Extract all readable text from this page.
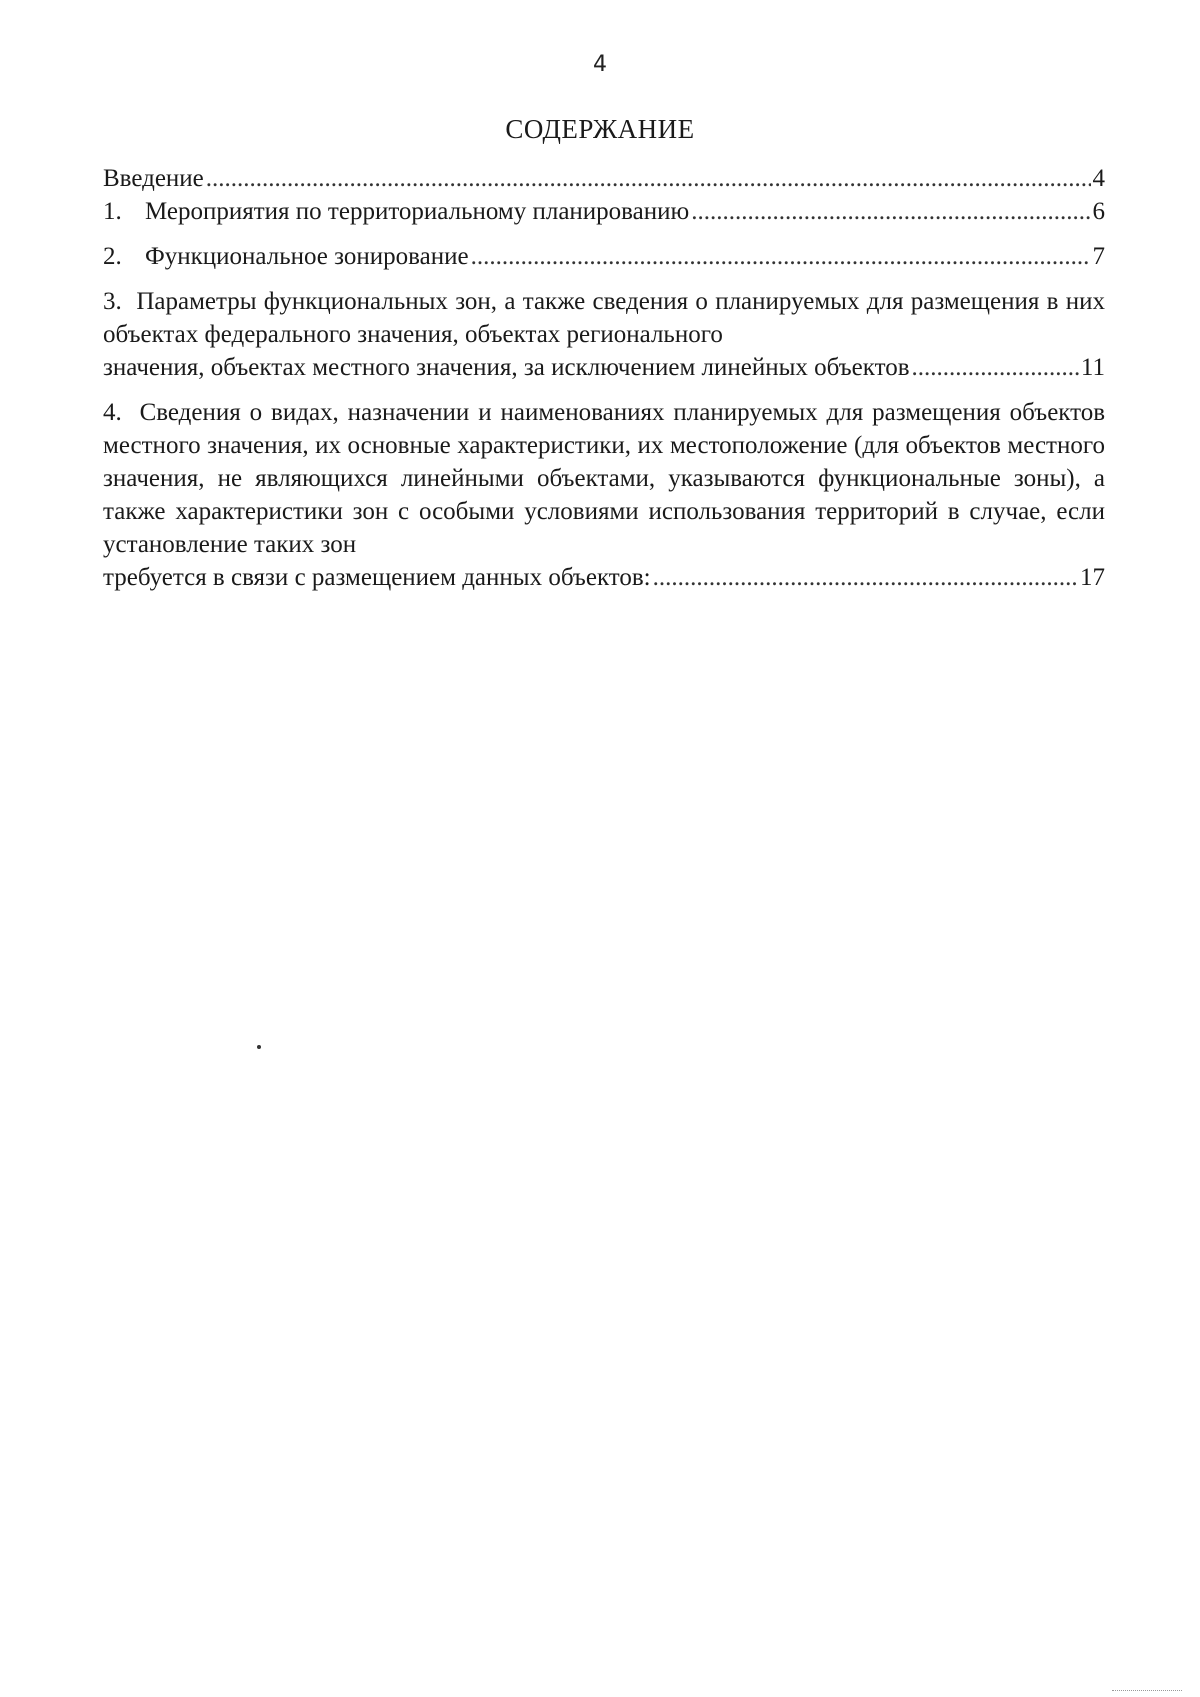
4
СОДЕРЖАНИЕ
Введение .....	4
1. Мероприятия по территориальному планированию .....	6
2. Функциональное зонирование .....	7
3. Параметры функциональных зон, а также сведения о планируемых для размещения в них объектах федерального значения, объектах регионального
значения, объектах местного значения, за исключением линейных объектов .....	11
4. Сведения о видах, назначении и наименованиях планируемых для размещения объектов местного значения, их основные характеристики, их местоположение (для объектов местного значения, не являющихся линейными объектами, указываются функциональные зоны), а также характеристики зон с особыми условиями использования территорий в случае, если установление таких зон
требуется в связи с размещением данных объектов: .....	17
